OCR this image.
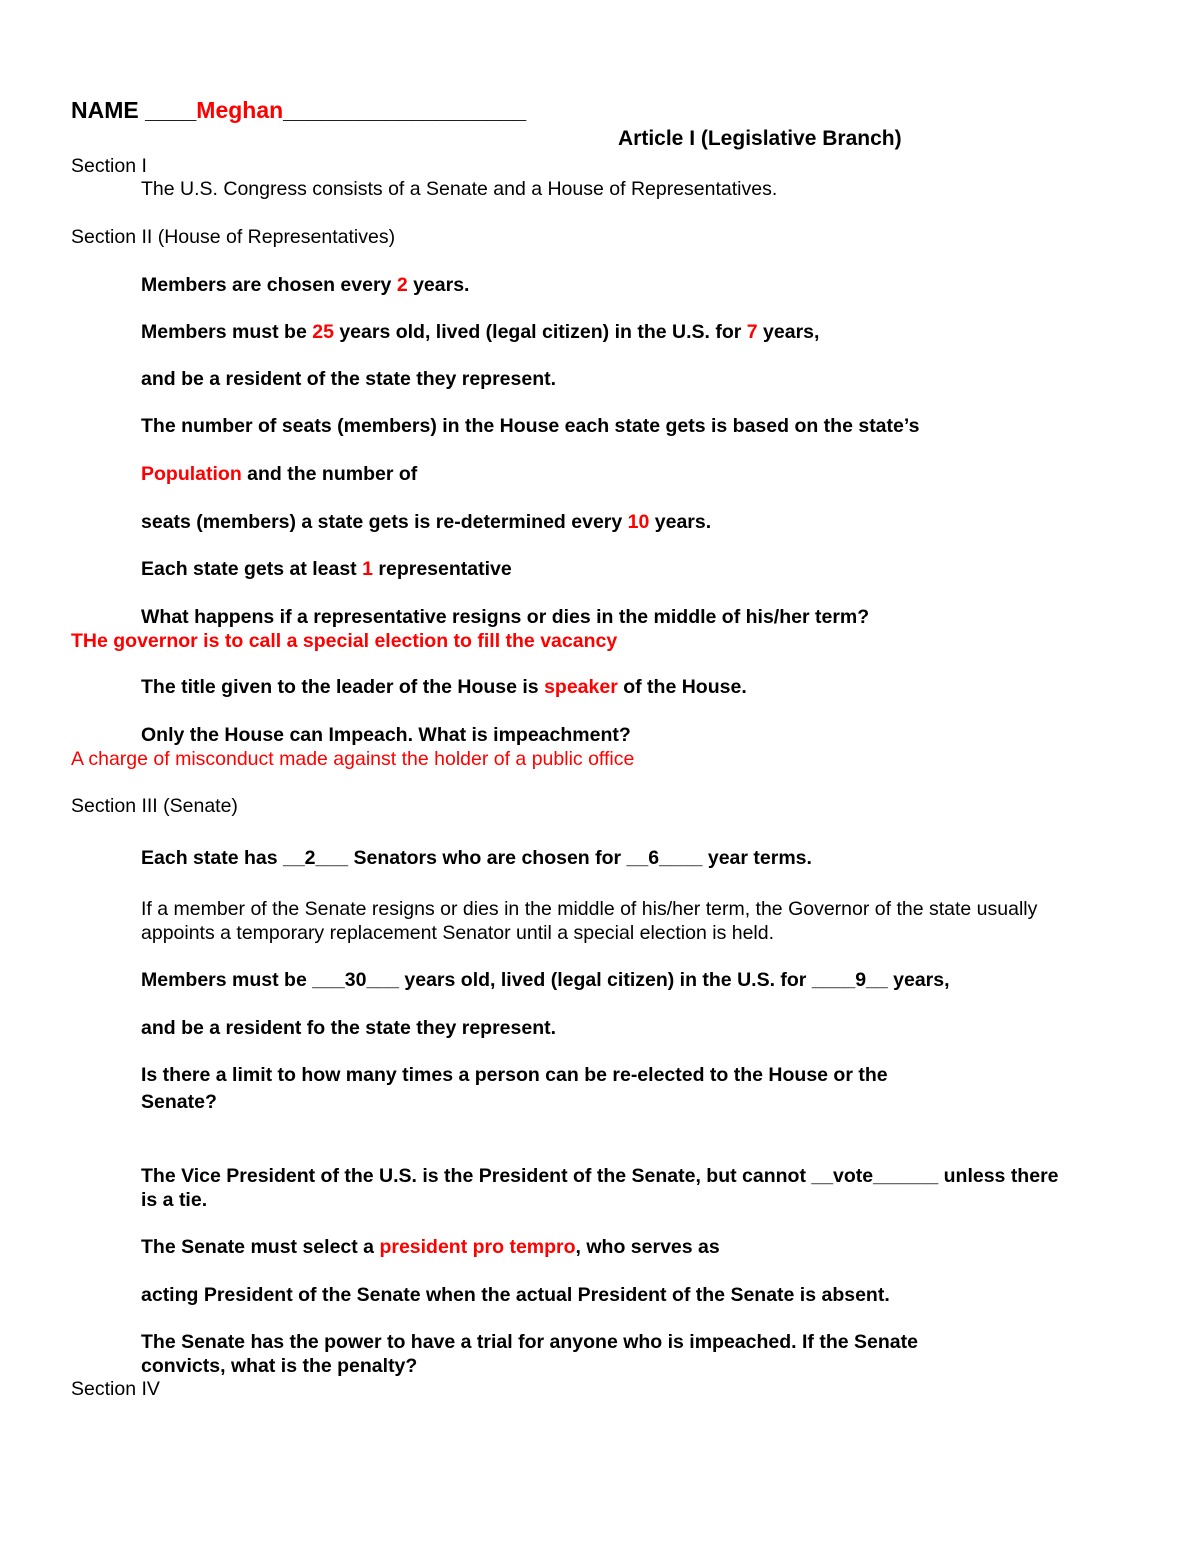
NAME ____Meghan___________________
Article I (Legislative Branch)
Section I
The U.S. Congress consists of a Senate and a House of Representatives.
Section II (House of Representatives)
Members are chosen every 2 years.
Members must be 25 years old, lived (legal citizen) in the U.S. for 7 years,
and be a resident of the state they represent.
The number of seats (members) in the House each state gets is based on the state’s
Population and the number of
seats (members) a state gets is re-determined every 10 years.
Each state gets at least 1 representative
What happens if a representative resigns or dies in the middle of his/her term?
THe governor is to call a special election to fill the vacancy
The title given to the leader of the House is speaker of the House.
Only the House can Impeach. What is impeachment?
A charge of misconduct made against the holder of a public office
Section III (Senate)
Each state has __2___ Senators who are chosen for __6____ year terms.
If a member of the Senate resigns or dies in the middle of his/her term, the Governor of the state usually
appoints a temporary replacement Senator until a special election is held.
Members must be ___30___ years old, lived (legal citizen) in the U.S. for ____9__ years,
and be a resident fo the state they represent.
Is there a limit to how many times a person can be re-elected to the House or the
Senate?
The Vice President of the U.S. is the President of the Senate, but cannot __vote______ unless there
is a tie.
The Senate must select a president pro tempro, who serves as
acting President of the Senate when the actual President of the Senate is absent.
The Senate has the power to have a trial for anyone who is impeached. If the Senate
convicts, what is the penalty?
Section IV
